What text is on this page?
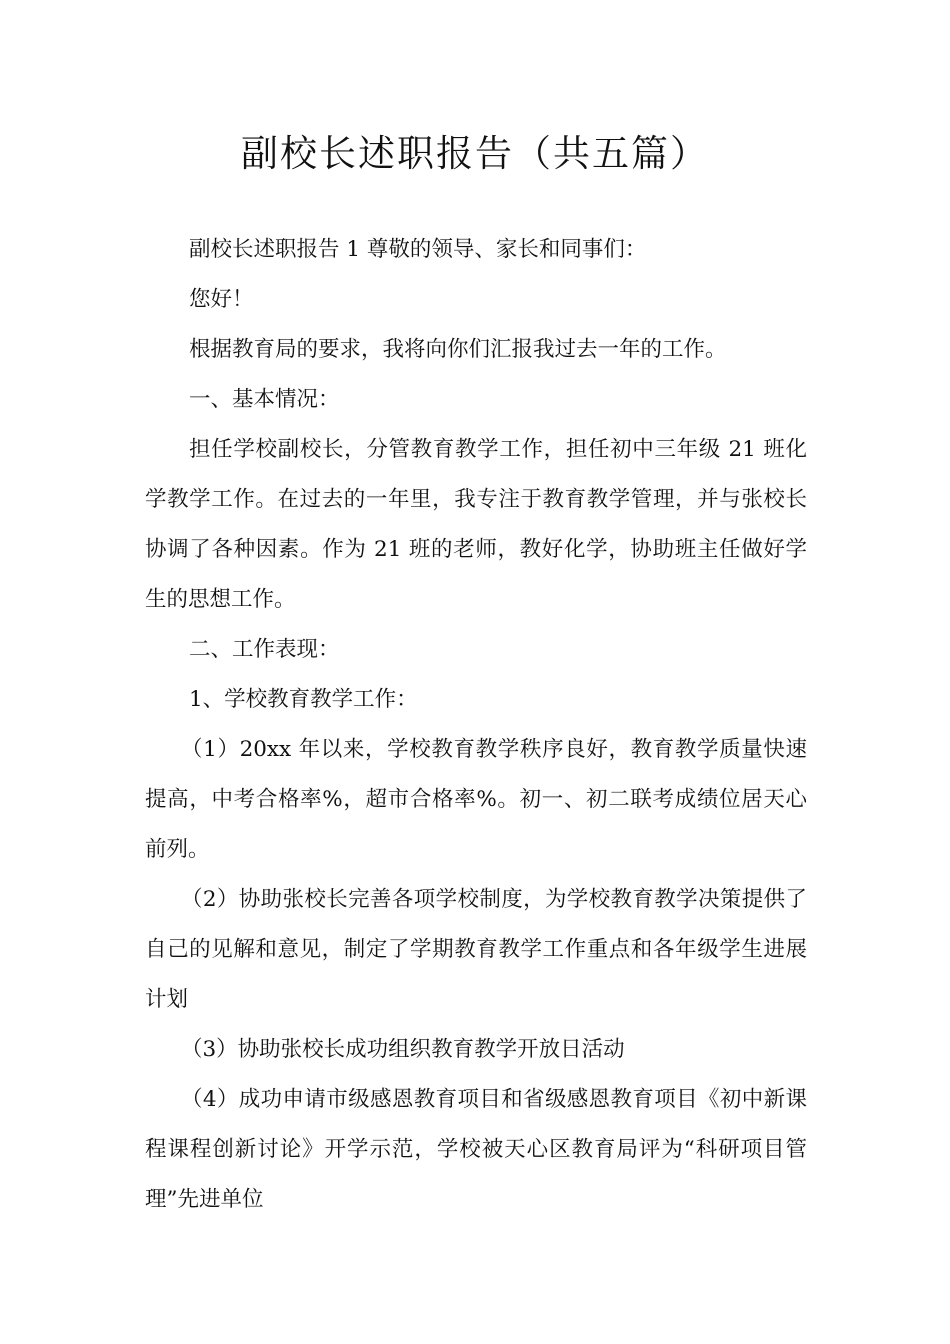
副校长述职报告（共五篇）

副校长述职报告 1 尊敬的领导、家长和同事们：

您好！

根据教育局的要求，我将向你们汇报我过去一年的工作。

一、基本情况：

担任学校副校长，分管教育教学工作，担任初中三年级 21 班化学教学工作。在过去的一年里，我专注于教育教学管理，并与张校长协调了各种因素。作为 21 班的老师，教好化学，协助班主任做好学生的思想工作。

二、工作表现：

1、学校教育教学工作：

（1）20xx 年以来，学校教育教学秩序良好，教育教学质量快速提高，中考合格率%，超市合格率%。初一、初二联考成绩位居天心前列。

（2）协助张校长完善各项学校制度，为学校教育教学决策提供了自己的见解和意见，制定了学期教育教学工作重点和各年级学生进展计划

（3）协助张校长成功组织教育教学开放日活动

（4）成功申请市级感恩教育项目和省级感恩教育项目《初中新课程课程创新讨论》开学示范，学校被天心区教育局评为“科研项目管理”先进单位
